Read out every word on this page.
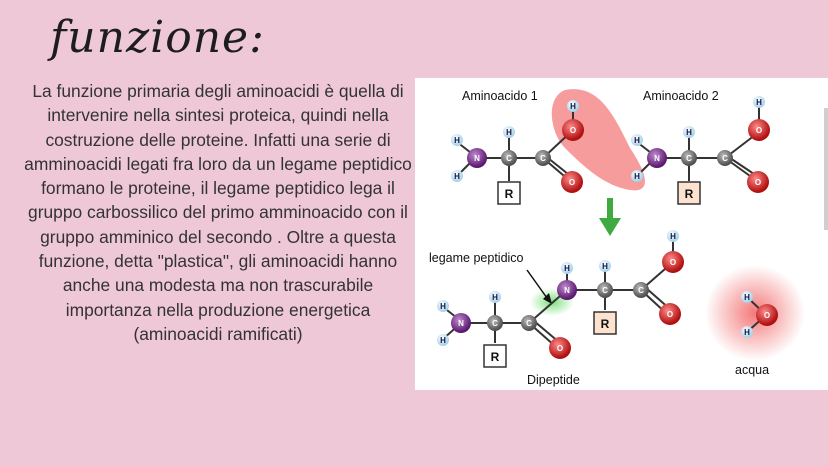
funzione:
La funzione primaria degli aminoacidi è quella di intervenire nella sintesi proteica, quindi nella costruzione delle proteine. Infatti una serie di amminoacidi legati fra loro da un legame peptidico formano le proteine, il legame peptidico lega il gruppo carbossilico del primo amminoacido con il gruppo amminico del secondo . Oltre a questa funzione, detta "plastica", gli aminoacidi hanno anche una modesta ma non trascurabile importanza nella produzione energetica (aminoacidi ramificati)
Aminoacido 1	Aminoacido 2
legame peptidico
Dipeptide
acqua
H
H
N	C
H
R
C
O
H
O
H
H
N	C
H
R
C
O
H
O
H
H
N	C
H
R
C
O
N
H
C
H
R
C
O
H
O
H
H
O
